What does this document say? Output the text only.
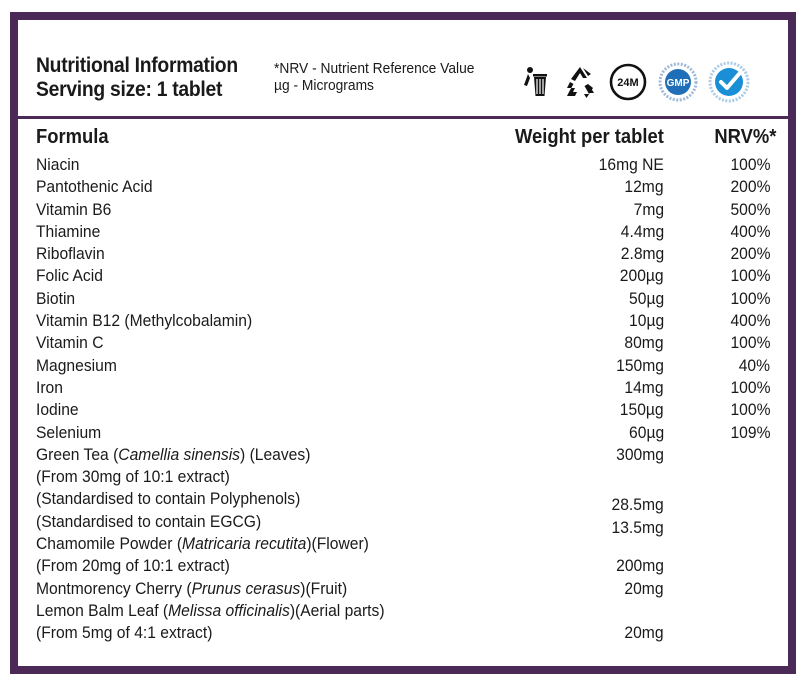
Nutritional Information
Serving size: 1 tablet
*NRV - Nutrient Reference Value
µg - Micrograms	24M	GMP
Formula	Weight per tablet NRV%*
Niacin	16mg NE	100%
Pantothenic Acid	12mg	200%
Vitamin B6	7mg	500%
Thiamine	4.4mg	400%
Riboflavin	2.8mg	200%
Folic Acid	200µg	100%
Biotin	50µg	100%
Vitamin B12 (Methylcobalamin)	10µg	400%
Vitamin C	80mg	100%
Magnesium	150mg	40%
Iron	14mg	100%
Iodine	150µg	100%
Selenium	60µg	109%
Green Tea (Camellia sinensis) (Leaves)	300mg
(From 30mg of 10:1 extract)
(Standardised to contain Polyphenols)	28.5mg
(Standardised to contain EGCG)	13.5mg
Chamomile Powder (Matricaria recutita)(Flower)
(From 20mg of 10:1 extract)	200mg
Montmorency Cherry (Prunus cerasus)(Fruit)	20mg
Lemon Balm Leaf (Melissa officinalis)(Aerial parts)
(From 5mg of 4:1 extract)	20mg
